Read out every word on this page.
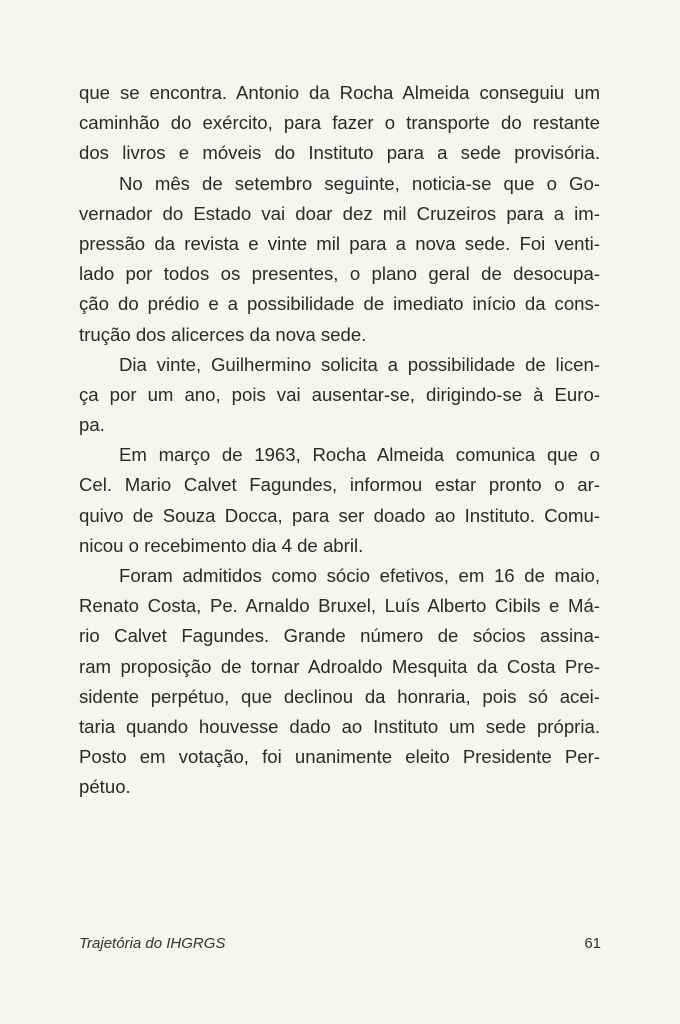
que se encontra. Antonio da Rocha Almeida conseguiu um
caminhão do exército, para fazer o transporte do restante
dos livros e móveis do Instituto para a sede provisória.
No mês de setembro seguinte, noticia-se que o Go-
vernador do Estado vai doar dez mil Cruzeiros para a im-
pressão da revista e vinte mil para a nova sede. Foi venti-
lado por todos os presentes, o plano geral de desocupa-
ção do prédio e a possibilidade de imediato início da cons-
trução dos alicerces da nova sede.
Dia vinte, Guilhermino solicita a possibilidade de licen-
ça por um ano, pois vai ausentar-se, dirigindo-se à Euro-
pa.
Em março de 1963, Rocha Almeida comunica que o
Cel. Mario Calvet Fagundes, informou estar pronto o ar-
quivo de Souza Docca, para ser doado ao Instituto. Comu-
nicou o recebimento dia 4 de abril.
Foram admitidos como sócio efetivos, em 16 de maio,
Renato Costa, Pe. Arnaldo Bruxel, Luís Alberto Cibils e Má-
rio Calvet Fagundes. Grande número de sócios assina-
ram proposição de tornar Adroaldo Mesquita da Costa Pre-
sidente perpétuo, que declinou da honraria, pois só acei-
taria quando houvesse dado ao Instituto um sede própria.
Posto em votação, foi unanimente eleito Presidente Per-
pétuo.
Trajetória do IHGRGS	61
